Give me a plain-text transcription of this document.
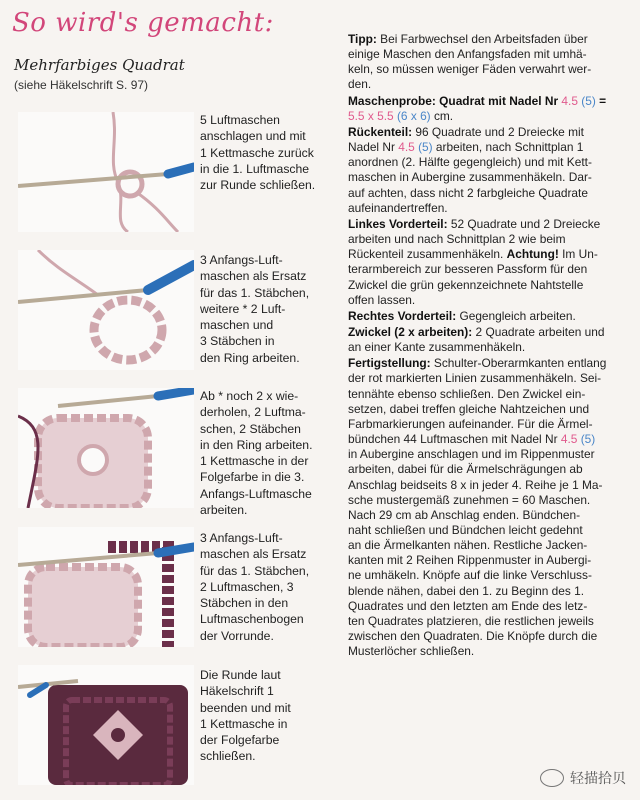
So wird's gemacht:
Mehrfarbiges Quadrat
(siehe Häkelschrift S. 97)
5 Luftmaschen
anschlagen und mit
1 Kettmasche zurück
in die 1. Luftmasche
zur Runde schließen.
3 Anfangs-Luft-
maschen als Ersatz
für das 1. Stäbchen,
weitere * 2 Luft-
maschen und
3 Stäbchen in
den Ring arbeiten.
Ab * noch 2 x wie-
derholen, 2 Luftma-
schen, 2 Stäbchen
in den Ring arbeiten.
1 Kettmasche in der
Folgefarbe in die 3.
Anfangs-Luftmasche
arbeiten.
3 Anfangs-Luft-
maschen als Ersatz
für das 1. Stäbchen,
2 Luftmaschen, 3
Stäbchen in den
Luftmaschenbogen
der Vorrunde.
Die Runde laut
Häkelschrift 1
beenden und mit
1 Kettmasche in
der Folgefarbe
schließen.

Tipp: Bei Farbwechsel den Arbeitsfaden über
einige Maschen den Anfangsfaden mit umhä-
keln, so müssen weniger Fäden verwahrt wer-
den.

Maschenprobe: Quadrat mit Nadel Nr 4.5 (5) =
5.5 x 5.5 (6 x 6) cm.

Rückenteil: 96 Quadrate und 2 Dreiecke mit
Nadel Nr 4.5 (5) arbeiten, nach Schnittplan 1
anordnen (2. Hälfte gegengleich) und mit Kett-
maschen in Aubergine zusammenhäkeln. Dar-
auf achten, dass nicht 2 farbgleiche Quadrate
aufeinandertreffen.

Linkes Vorderteil: 52 Quadrate und 2 Dreiecke
arbeiten und nach Schnittplan 2 wie beim
Rückenteil zusammenhäkeln. Achtung! Im Un-
terarmbereich zur besseren Passform für den
Zwickel die grün gekennzeichnete Nahtstelle
offen lassen.

Rechtes Vorderteil: Gegengleich arbeiten.

Zwickel (2 x arbeiten): 2 Quadrate arbeiten und
an einer Kante zusammenhäkeln.

Fertigstellung: Schulter-Oberarmkanten entlang
der rot markierten Linien zusammenhäkeln. Sei-
tennähte ebenso schließen. Den Zwickel ein-
setzen, dabei treffen gleiche Nahtzeichen und
Farbmarkierungen aufeinander. Für die Ärmel-
bündchen 44 Luftmaschen mit Nadel Nr 4.5 (5)
in Aubergine anschlagen und im Rippenmuster
arbeiten, dabei für die Ärmelschrägungen ab
Anschlag beidseits 8 x in jeder 4. Reihe je 1 Ma-
sche mustergemäß zunehmen = 60 Maschen.
Nach 29 cm ab Anschlag enden. Bündchen-
naht schließen und Bündchen leicht gedehnt
an die Ärmelkanten nähen. Restliche Jacken-
kanten mit 2 Reihen Rippenmuster in Aubergi-
ne umhäkeln. Knöpfe auf die linke Verschluss-
blende nähen, dabei den 1. zu Beginn des 1.
Quadrates und den letzten am Ende des letz-
ten Quadrates platzieren, die restlichen jeweils
zwischen den Quadraten. Die Knöpfe durch die
Musterlöcher schließen.

轻描拾贝
